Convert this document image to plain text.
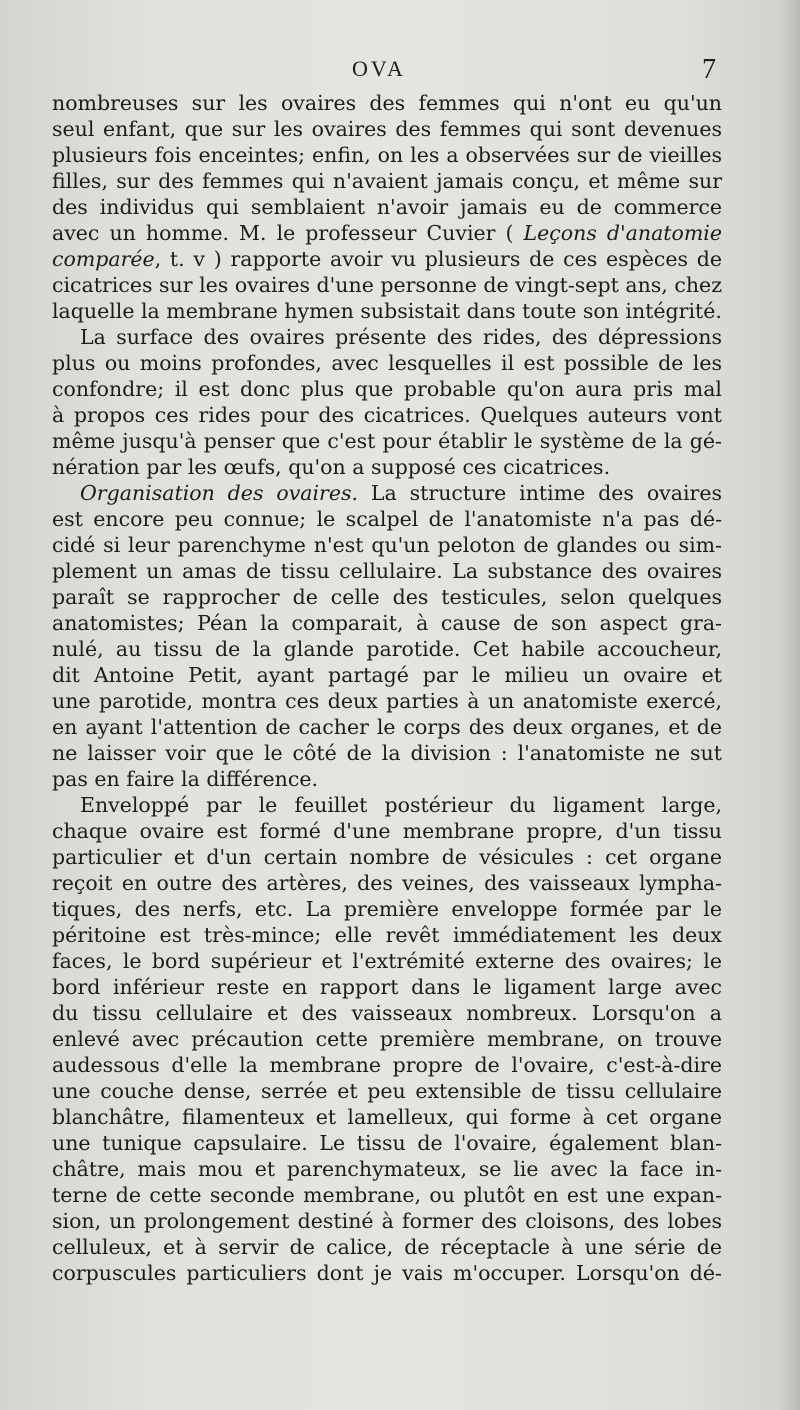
OVA	7
nombreuses sur les ovaires des femmes qui n'ont eu qu'un
seul enfant, que sur les ovaires des femmes qui sont devenues
plusieurs fois enceintes; enfin, on les a observées sur de vieilles
filles, sur des femmes qui n'avaient jamais conçu, et même sur
des individus qui semblaient n'avoir jamais eu de commerce
avec un homme. M. le professeur Cuvier ( Leçons d'anatomie
comparée, t. v ) rapporte avoir vu plusieurs de ces espèces de
cicatrices sur les ovaires d'une personne de vingt-sept ans, chez
laquelle la membrane hymen subsistait dans toute son intégrité.
La surface des ovaires présente des rides, des dépressions
plus ou moins profondes, avec lesquelles il est possible de les
confondre; il est donc plus que probable qu'on aura pris mal
à propos ces rides pour des cicatrices. Quelques auteurs vont
même jusqu'à penser que c'est pour établir le système de la gé-
nération par les œufs, qu'on a supposé ces cicatrices.
Organisation des ovaires. La structure intime des ovaires
est encore peu connue; le scalpel de l'anatomiste n'a pas dé-
cidé si leur parenchyme n'est qu'un peloton de glandes ou sim-
plement un amas de tissu cellulaire. La substance des ovaires
paraît se rapprocher de celle des testicules, selon quelques
anatomistes; Péan la comparait, à cause de son aspect gra-
nulé, au tissu de la glande parotide. Cet habile accoucheur,
dit Antoine Petit, ayant partagé par le milieu un ovaire et
une parotide, montra ces deux parties à un anatomiste exercé,
en ayant l'attention de cacher le corps des deux organes, et de
ne laisser voir que le côté de la division : l'anatomiste ne sut
pas en faire la différence.
Enveloppé par le feuillet postérieur du ligament large,
chaque ovaire est formé d'une membrane propre, d'un tissu
particulier et d'un certain nombre de vésicules : cet organe
reçoit en outre des artères, des veines, des vaisseaux lympha-
tiques, des nerfs, etc. La première enveloppe formée par le
péritoine est très-mince; elle revêt immédiatement les deux
faces, le bord supérieur et l'extrémité externe des ovaires; le
bord inférieur reste en rapport dans le ligament large avec
du tissu cellulaire et des vaisseaux nombreux. Lorsqu'on a
enlevé avec précaution cette première membrane, on trouve
audessous d'elle la membrane propre de l'ovaire, c'est-à-dire
une couche dense, serrée et peu extensible de tissu cellulaire
blanchâtre, filamenteux et lamelleux, qui forme à cet organe
une tunique capsulaire. Le tissu de l'ovaire, également blan-
châtre, mais mou et parenchymateux, se lie avec la face in-
terne de cette seconde membrane, ou plutôt en est une expan-
sion, un prolongement destiné à former des cloisons, des lobes
celluleux, et à servir de calice, de réceptacle à une série de
corpuscules particuliers dont je vais m'occuper. Lorsqu'on dé-
